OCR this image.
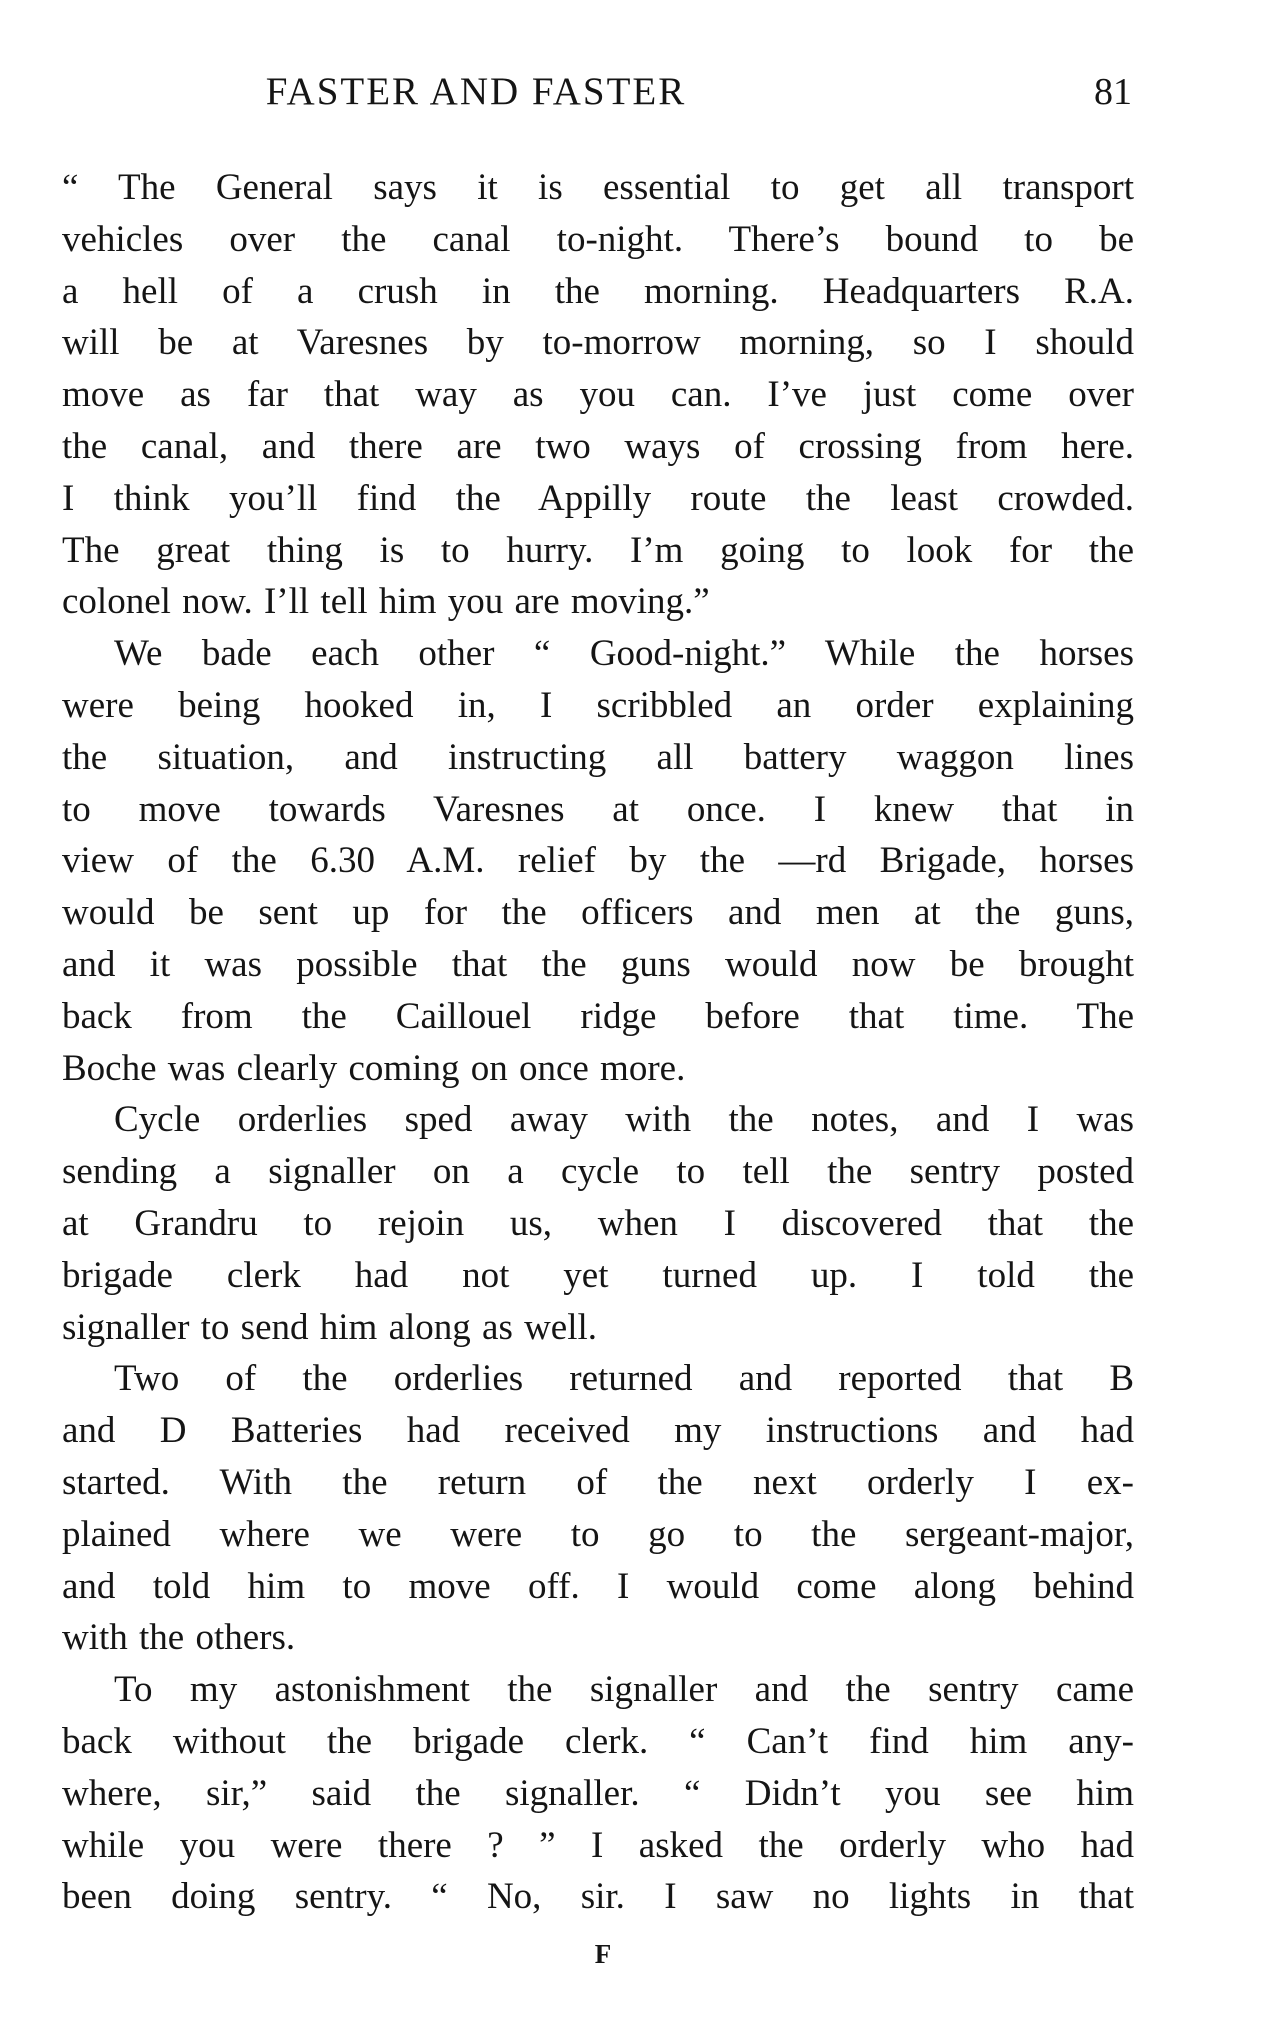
FASTER AND FASTER	81
“ The General says it is essential to get all transport
vehicles over the canal to-night. There’s bound to be
a hell of a crush in the morning. Headquarters R.A.
will be at Varesnes by to-morrow morning, so I should
move as far that way as you can. I’ve just come over
the canal, and there are two ways of crossing from here.
I think you’ll find the Appilly route the least crowded.
The great thing is to hurry. I’m going to look for the
colonel now. I’ll tell him you are moving.”
We bade each other “ Good-night.” While the horses
were being hooked in, I scribbled an order explaining
the situation, and instructing all battery waggon lines
to move towards Varesnes at once. I knew that in
view of the 6.30 A.M. relief by the —rd Brigade, horses
would be sent up for the officers and men at the guns,
and it was possible that the guns would now be brought
back from the Caillouel ridge before that time. The
Boche was clearly coming on once more.
Cycle orderlies sped away with the notes, and I was
sending a signaller on a cycle to tell the sentry posted
at Grandru to rejoin us, when I discovered that the
brigade clerk had not yet turned up. I told the
signaller to send him along as well.
Two of the orderlies returned and reported that B
and D Batteries had received my instructions and had
started. With the return of the next orderly I ex-
plained where we were to go to the sergeant-major,
and told him to move off. I would come along behind
with the others.
To my astonishment the signaller and the sentry came
back without the brigade clerk. “ Can’t find him any-
where, sir,” said the signaller. “ Didn’t you see him
while you were there ? ” I asked the orderly who had
been doing sentry. “ No, sir. I saw no lights in that
F
